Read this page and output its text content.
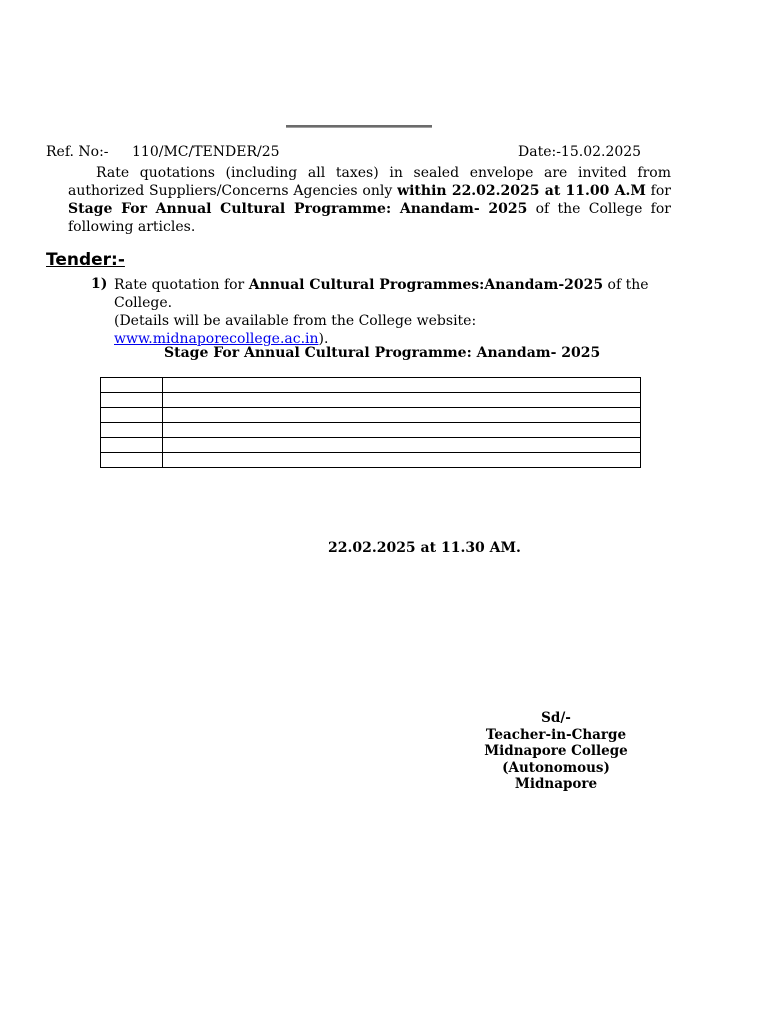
Ref. No:- 110/MC/TENDER/25	Date:-15.02.2025
Rate quotations (including all taxes) in sealed envelope are invited from authorized Suppliers/Concerns Agencies only within 22.02.2025 at 11.00 A.M for Stage For Annual Cultural Programme: Anandam- 2025 of the College for following articles.
Tender:-
1) Rate quotation for Annual Cultural Programmes:Anandam-2025 of the College.
(Details will be available from the College website:
www.midnaporecollege.ac.in).
Stage For Annual Cultural Programme: Anandam- 2025

22.02.2025 at 11.30 AM.
Sd/-
Teacher-in-Charge
Midnapore College (Autonomous)
Midnapore
